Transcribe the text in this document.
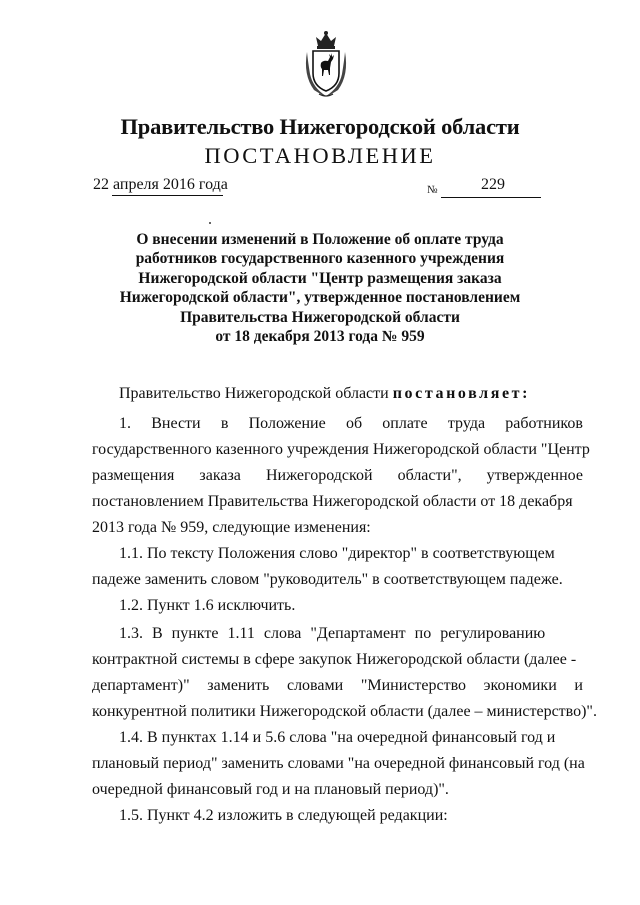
Правительство Нижегородской области
ПОСТАНОВЛЕНИЕ
22 апреля 2016 года	№	229
О внесении изменений в Положение об оплате труда
работников государственного казенного учреждения
Нижегородской области "Центр размещения заказа
Нижегородской области", утвержденное постановлением
Правительства Нижегородской области
от 18 декабря 2013 года № 959
Правительство Нижегородской области постановляет:
1. Внести в Положение об оплате труда работников
государственного казенного учреждения Нижегородской области "Центр
размещения заказа Нижегородской области", утвержденное
постановлением Правительства Нижегородской области от 18 декабря
2013 года № 959, следующие изменения:
1.1. По тексту Положения слово "директор" в соответствующем
падеже заменить словом "руководитель" в соответствующем падеже.
1.2. Пункт 1.6 исключить.
1.3. В пункте 1.11 слова "Департамент по регулированию
контрактной системы в сфере закупок Нижегородской области (далее -
департамент)" заменить словами "Министерство экономики и
конкурентной политики Нижегородской области (далее – министерство)".
1.4. В пунктах 1.14 и 5.6 слова "на очередной финансовый год и
плановый период" заменить словами "на очередной финансовый год (на
очередной финансовый год и на плановый период)".
1.5. Пункт 4.2 изложить в следующей редакции:
